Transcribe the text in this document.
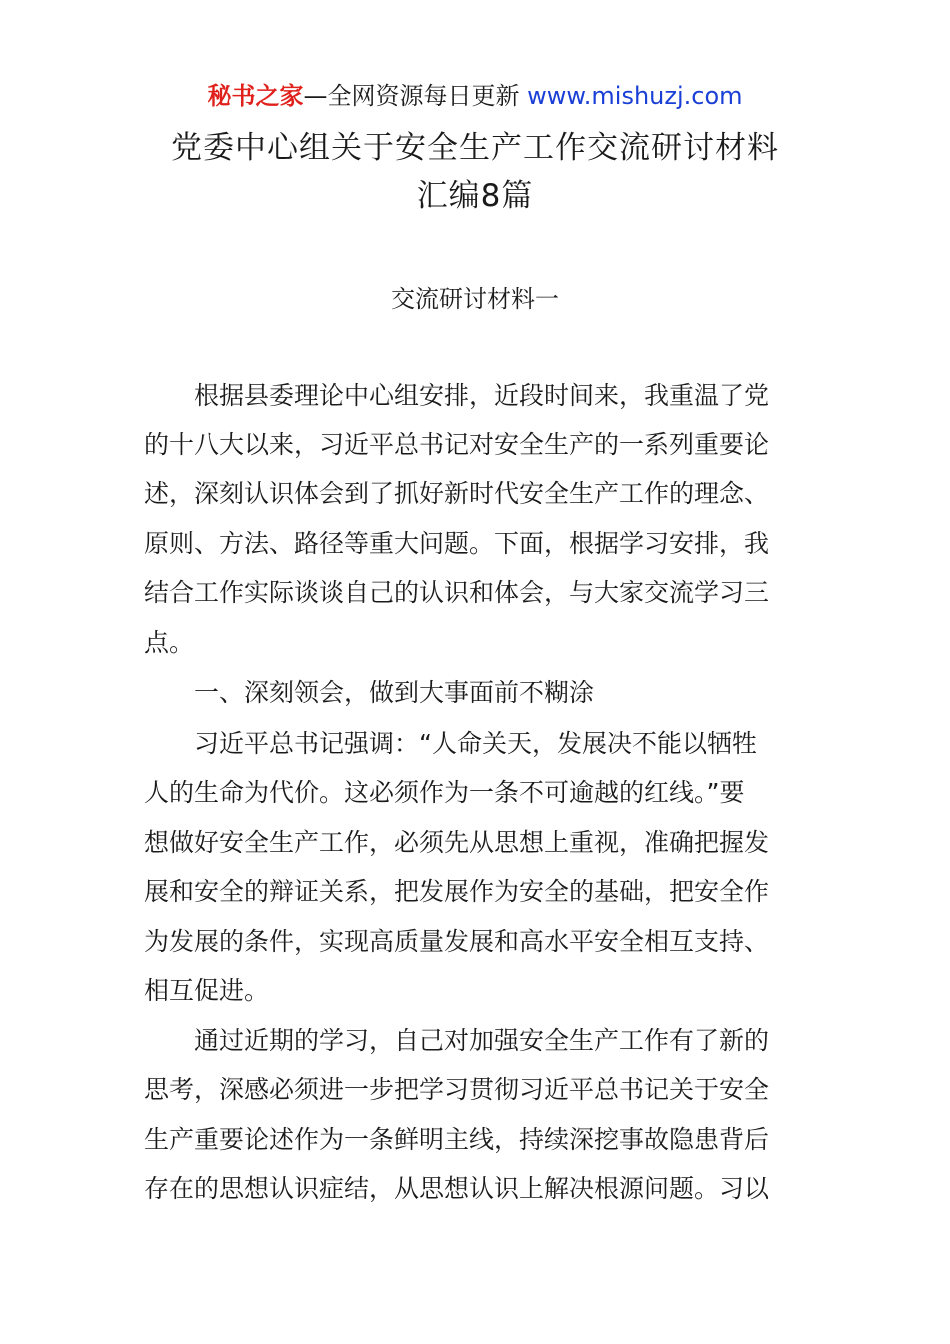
秘书之家—全网资源每日更新 www.mishuzj.com
党委中心组关于安全生产工作交流研讨材料
汇编8篇
交流研讨材料一
根据县委理论中心组安排，近段时间来，我重温了党
的十八大以来，习近平总书记对安全生产的一系列重要论
述，深刻认识体会到了抓好新时代安全生产工作的理念、
原则、方法、路径等重大问题。下面，根据学习安排，我
结合工作实际谈谈自己的认识和体会，与大家交流学习三
点。
一、深刻领会，做到大事面前不糊涂
习近平总书记强调：“人命关天，发展决不能以牺牲
人的生命为代价。这必须作为一条不可逾越的红线。”要
想做好安全生产工作，必须先从思想上重视，准确把握发
展和安全的辩证关系，把发展作为安全的基础，把安全作
为发展的条件，实现高质量发展和高水平安全相互支持、
相互促进。
通过近期的学习，自己对加强安全生产工作有了新的
思考，深感必须进一步把学习贯彻习近平总书记关于安全
生产重要论述作为一条鲜明主线，持续深挖事故隐患背后
存在的思想认识症结，从思想认识上解决根源问题。习以
